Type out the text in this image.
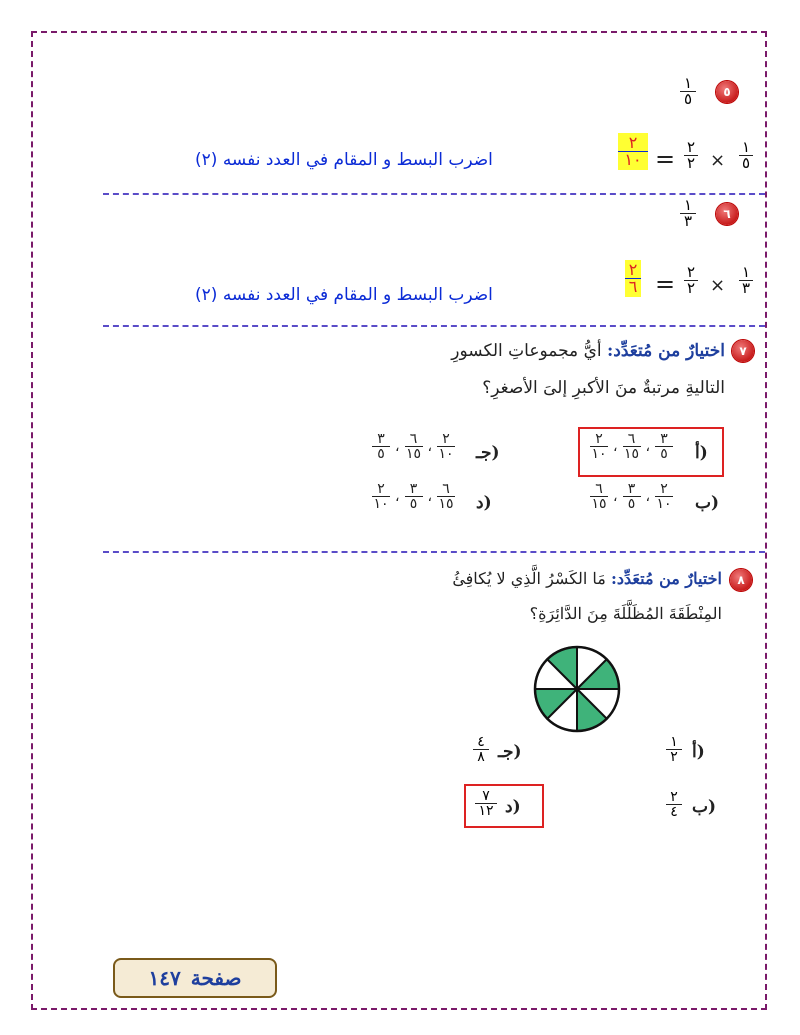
٥
١
٥
١
٥
×
٢
٢
=
٢
١٠
اضرب البسط و المقام في العدد نفسه (٢)
٦
١
٣
١
٣
×
٢
٢
=
٢
٦
اضرب البسط و المقام في العدد نفسه (٢)
٧
اختيارٌ من مُتعَدِّد: أيُّ مجموعاتِ الكسورِ
التاليةِ مرتبةٌ منَ الأكبرِ إلىَ الأصغرِ؟
أ)
$\frac{٢}{١٠}$ ، $\frac{٦}{١٥}$ ، $\frac{٣}{٥}$
جـ)
$\frac{٣}{٥}$ ، $\frac{٦}{١٥}$ ، $\frac{٢}{١٠}$
ب)
$\frac{٦}{١٥}$ ، $\frac{٣}{٥}$ ، $\frac{٢}{١٠}$
د)
$\frac{٢}{١٠}$ ، $\frac{٣}{٥}$ ، $\frac{٦}{١٥}$
٨
اختيارٌ من مُتعَدِّد: مَا الكَسْرُ الَّذِي لا يُكافِئُ
المِنْطَقَةَ المُظَلَّلَةَ مِنَ الدَّائِرَةِ؟
أ)
١
٢
جـ)
٤
٨
ب)
٢
٤
د)
٧
١٢
صفحة
١٤٧
